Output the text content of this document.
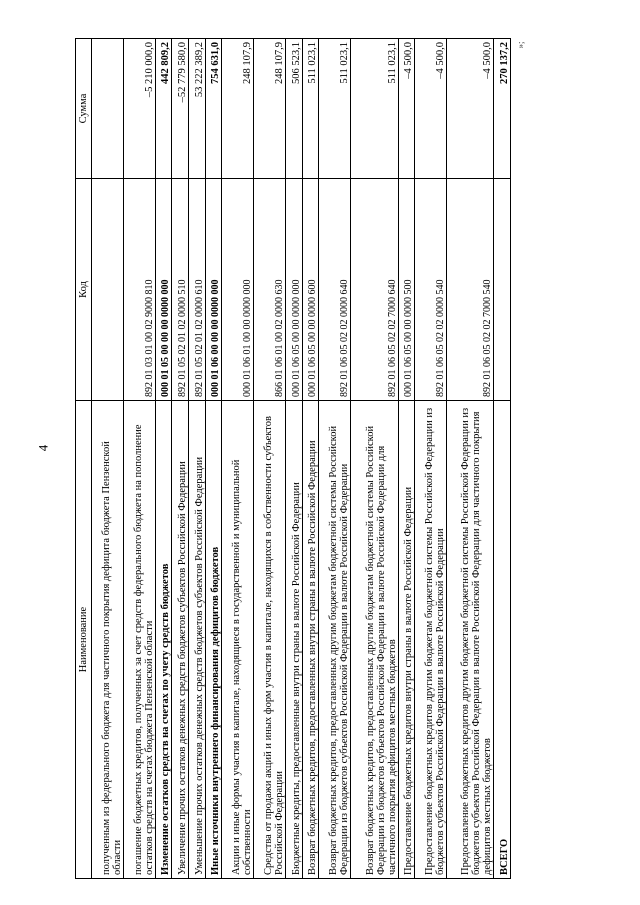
4
»;
Наименование	Код	Сумма
полученным из федерального бюджета для частичного покрытия дефицита бюджета Пензенской области		
погашение бюджетных кредитов, полученных за счет средств федерального бюджета на пополнение остатков средств на счетах бюджета Пензенской области	892 01 03 01 00 02 9000 810	–5 210 000,0
Изменение остатков средств на счетах по учету средств бюджетов	000 01 05 00 00 00 0000 000	442 809,2
Увеличение прочих остатков денежных средств бюджетов субъектов Российской Федерации	892 01 05 02 01 02 0000 510	–52 779 580,0
Уменьшение прочих остатков денежных средств бюджетов субъектов Российской Федерации	892 01 05 02 01 02 0000 610	53 222 389,2
Иные источники внутреннего финансирования дефицитов бюджетов	000 01 06 00 00 00 0000 000	754 631,0
Акции и иные формы участия в капитале, находящиеся в государственной и муниципальной собственности	000 01 06 01 00 00 0000 000	248 107,9
Средства от продажи акций и иных форм участия в капитале, находящихся в собственности субъектов Российской Федерации	866 01 06 01 00 02 0000 630	248 107,9
Бюджетные кредиты, предоставленные внутри страны в валюте Российской Федерации	000 01 06 05 00 00 0000 000	506 523,1
Возврат бюджетных кредитов, предоставленных внутри страны в валюте Российской Федерации	000 01 06 05 00 00 0000 600	511 023,1
Возврат бюджетных кредитов, предоставленных другим бюджетам бюджетной системы Российской Федерации из бюджетов субъектов Российской Федерации в валюте Российской Федерации	892 01 06 05 02 02 0000 640	511 023,1
Возврат бюджетных кредитов, предоставленных другим бюджетам бюджетной системы Российской Федерации из бюджетов субъектов Российской Федерации в валюте Российской Федерации для частичного покрытия дефицитов местных бюджетов	892 01 06 05 02 02 7000 640	511 023,1
Предоставление бюджетных кредитов внутри страны в валюте Российской Федерации	000 01 06 05 00 00 0000 500	–4 500,0
Предоставление бюджетных кредитов другим бюджетам бюджетной системы Российской Федерации из бюджетов субъектов Российской Федерации в валюте Российской Федерации	892 01 06 05 02 02 0000 540	–4 500,0
Предоставление бюджетных кредитов другим бюджетам бюджетной системы Российской Федерации из бюджетов субъектов Российской Федерации в валюте Российской Федерации для частичного покрытия дефицитов местных бюджетов	892 01 06 05 02 02 7000 540	–4 500,0
ВСЕГО		270 137,2
